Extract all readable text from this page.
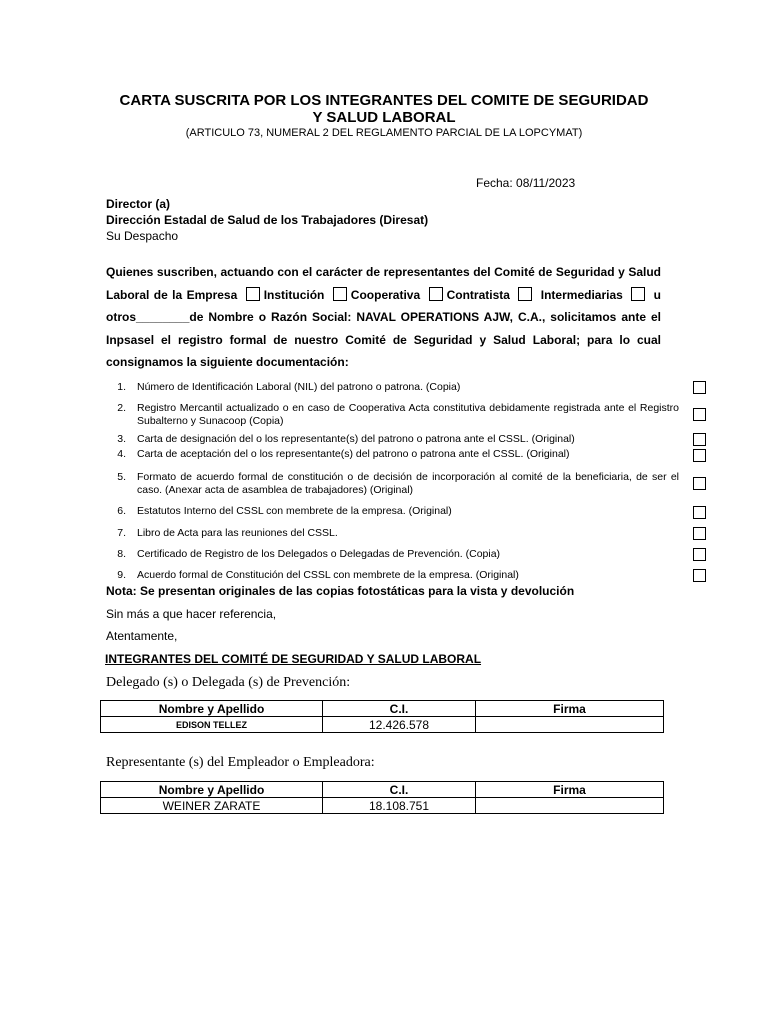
CARTA SUSCRITA POR LOS INTEGRANTES DEL COMITE DE SEGURIDAD
Y SALUD LABORAL
(ARTICULO 73, NUMERAL 2 DEL REGLAMENTO PARCIAL DE LA LOPCYMAT)
Fecha: 08/11/2023
Director (a)
Dirección Estadal de Salud de los Trabajadores (Diresat)
Su Despacho
Quienes suscriben, actuando con el carácter de representantes del Comité de Seguridad y Salud Laboral de la Empresa Institución Cooperativa Contratista	Intermediarias	u otros________de Nombre o Razón Social: NAVAL OPERATIONS AJW, C.A., solicitamos ante el Inpsasel el registro formal de nuestro Comité de Seguridad y Salud Laboral; para lo cual consignamos la siguiente documentación:
1. Número de Identificación Laboral (NIL) del patrono o patrona. (Copia)
2. Registro Mercantil actualizado o en caso de Cooperativa Acta constitutiva debidamente registrada ante el Registro Subalterno y Sunacoop (Copia)
3. Carta de designación del o los representante(s) del patrono o patrona ante el CSSL. (Original)
4. Carta de aceptación del o los representante(s) del patrono o patrona ante el CSSL. (Original)
5. Formato de acuerdo formal de constitución o de decisión de incorporación al comité de la beneficiaria, de ser el caso. (Anexar acta de asamblea de trabajadores) (Original)
6. Estatutos Interno del CSSL con membrete de la empresa. (Original)
7. Libro de Acta para las reuniones del CSSL.
8. Certificado de Registro de los Delegados o Delegadas de Prevención. (Copia)
9. Acuerdo formal de Constitución del CSSL con membrete de la empresa. (Original)
Nota: Se presentan originales de las copias fotostáticas para la vista y devolución
Sin más a que hacer referencia,
Atentamente,
INTEGRANTES DEL COMITÉ DE SEGURIDAD Y SALUD LABORAL
Delegado (s) o Delegada (s) de Prevención:
Nombre y Apellido	C.I.	Firma
EDISON TELLEZ	12.426.578	
Representante (s) del Empleador o Empleadora:
Nombre y Apellido	C.I.	Firma
WEINER ZARATE	18.108.751	
